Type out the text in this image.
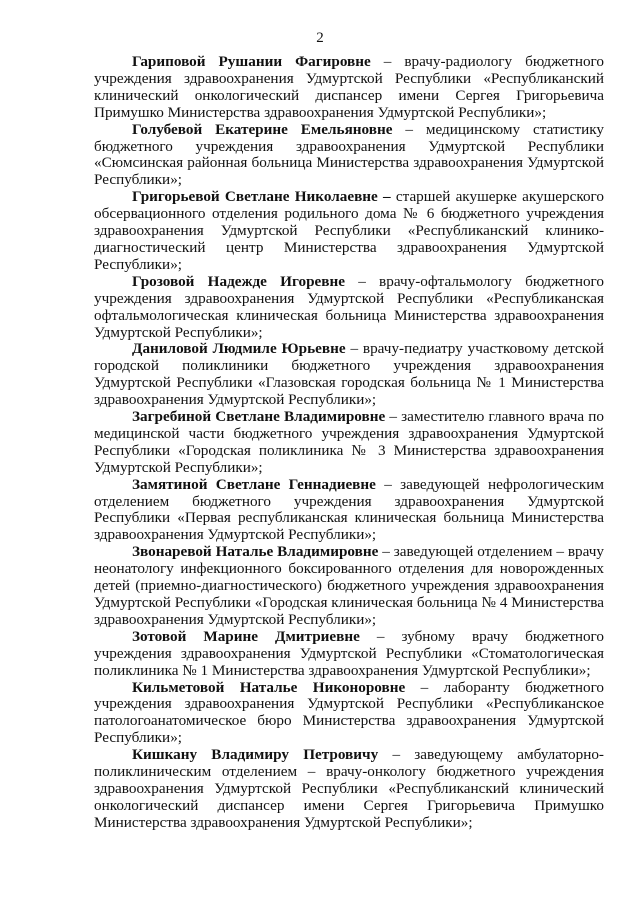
2

Гариповой Рушании Фагировне – врачу-радиологу бюджетного учреждения здравоохранения Удмуртской Республики «Республиканский клинический онкологический диспансер имени Сергея Григорьевича Примушко Министерства здравоохранения Удмуртской Республики»;

Голубевой Екатерине Емельяновне – медицинскому статистику бюджетного учреждения здравоохранения Удмуртской Республики «Сюмсинская районная больница Министерства здравоохранения Удмуртской Республики»;

Григорьевой Светлане Николаевне – старшей акушерке акушерского обсервационного отделения родильного дома № 6 бюджетного учреждения здравоохранения Удмуртской Республики «Республиканский клинико-диагностический центр Министерства здравоохранения Удмуртской Республики»;

Грозовой Надежде Игоревне – врачу-офтальмологу бюджетного учреждения здравоохранения Удмуртской Республики «Республиканская офтальмологическая клиническая больница Министерства здравоохранения Удмуртской Республики»;

Даниловой Людмиле Юрьевне – врачу-педиатру участковому детской городской поликлиники бюджетного учреждения здравоохранения Удмуртской Республики «Глазовская городская больница № 1 Министерства здравоохранения Удмуртской Республики»;

Загребиной Светлане Владимировне – заместителю главного врача по медицинской части бюджетного учреждения здравоохранения Удмуртской Республики «Городская поликлиника № 3 Министерства здравоохранения Удмуртской Республики»;

Замятиной Светлане Геннадиевне – заведующей нефрологическим отделением бюджетного учреждения здравоохранения Удмуртской Республики «Первая республиканская клиническая больница Министерства здравоохранения Удмуртской Республики»;

Звонаревой Наталье Владимировне – заведующей отделением – врачу неонатологу инфекционного боксированного отделения для новорожденных детей (приемно-диагностического) бюджетного учреждения здравоохранения Удмуртской Республики «Городская клиническая больница № 4 Министерства здравоохранения Удмуртской Республики»;

Зотовой Марине Дмитриевне – зубному врачу бюджетного учреждения здравоохранения Удмуртской Республики «Стоматологическая поликлиника № 1 Министерства здравоохранения Удмуртской Республики»;

Кильметовой Наталье Никоноровне – лаборанту бюджетного учреждения здравоохранения Удмуртской Республики «Республиканское патологоанатомическое бюро Министерства здравоохранения Удмуртской Республики»;

Кишкану Владимиру Петровичу – заведующему амбулаторно-поликлиническим отделением – врачу-онкологу бюджетного учреждения здравоохранения Удмуртской Республики «Республиканский клинический онкологический диспансер имени Сергея Григорьевича Примушко Министерства здравоохранения Удмуртской Республики»;
